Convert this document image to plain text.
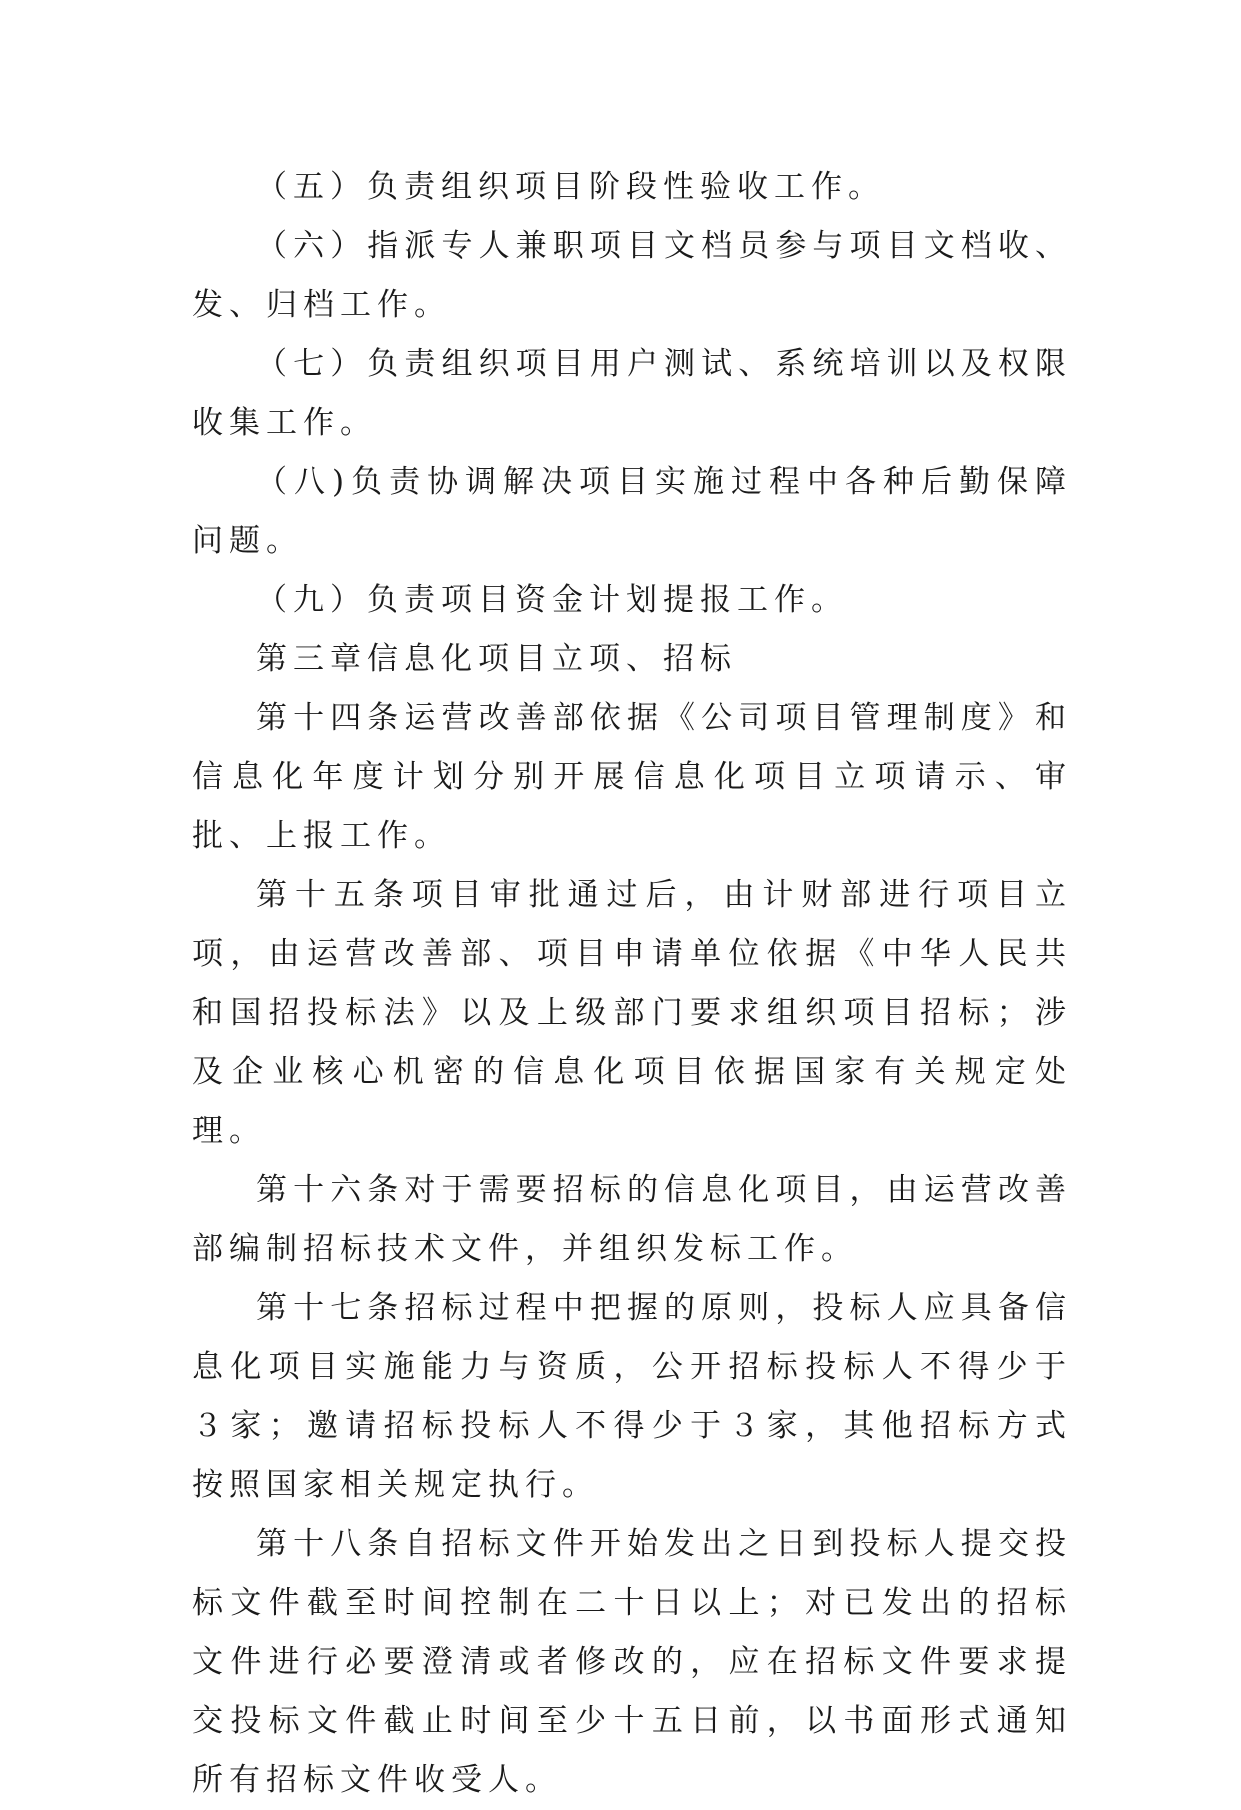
（五）负责组织项目阶段性验收工作。

（六）指派专人兼职项目文档员参与项目文档收、发、归档工作。

（七）负责组织项目用户测试、系统培训以及权限收集工作。

（八)负责协调解决项目实施过程中各种后勤保障问题。

（九）负责项目资金计划提报工作。

第三章信息化项目立项、招标

第十四条运营改善部依据《公司项目管理制度》和信息化年度计划分别开展信息化项目立项请示、审批、上报工作。

第十五条项目审批通过后，由计财部进行项目立项，由运营改善部、项目申请单位依据《中华人民共和国招投标法》以及上级部门要求组织项目招标；涉及企业核心机密的信息化项目依据国家有关规定处理。

第十六条对于需要招标的信息化项目，由运营改善部编制招标技术文件，并组织发标工作。

第十七条招标过程中把握的原则，投标人应具备信息化项目实施能力与资质，公开招标投标人不得少于３家；邀请招标投标人不得少于３家，其他招标方式按照国家相关规定执行。

第十八条自招标文件开始发出之日到投标人提交投标文件截至时间控制在二十日以上；对已发出的招标文件进行必要澄清或者修改的，应在招标文件要求提交投标文件截止时间至少十五日前，以书面形式通知所有招标文件收受人。
